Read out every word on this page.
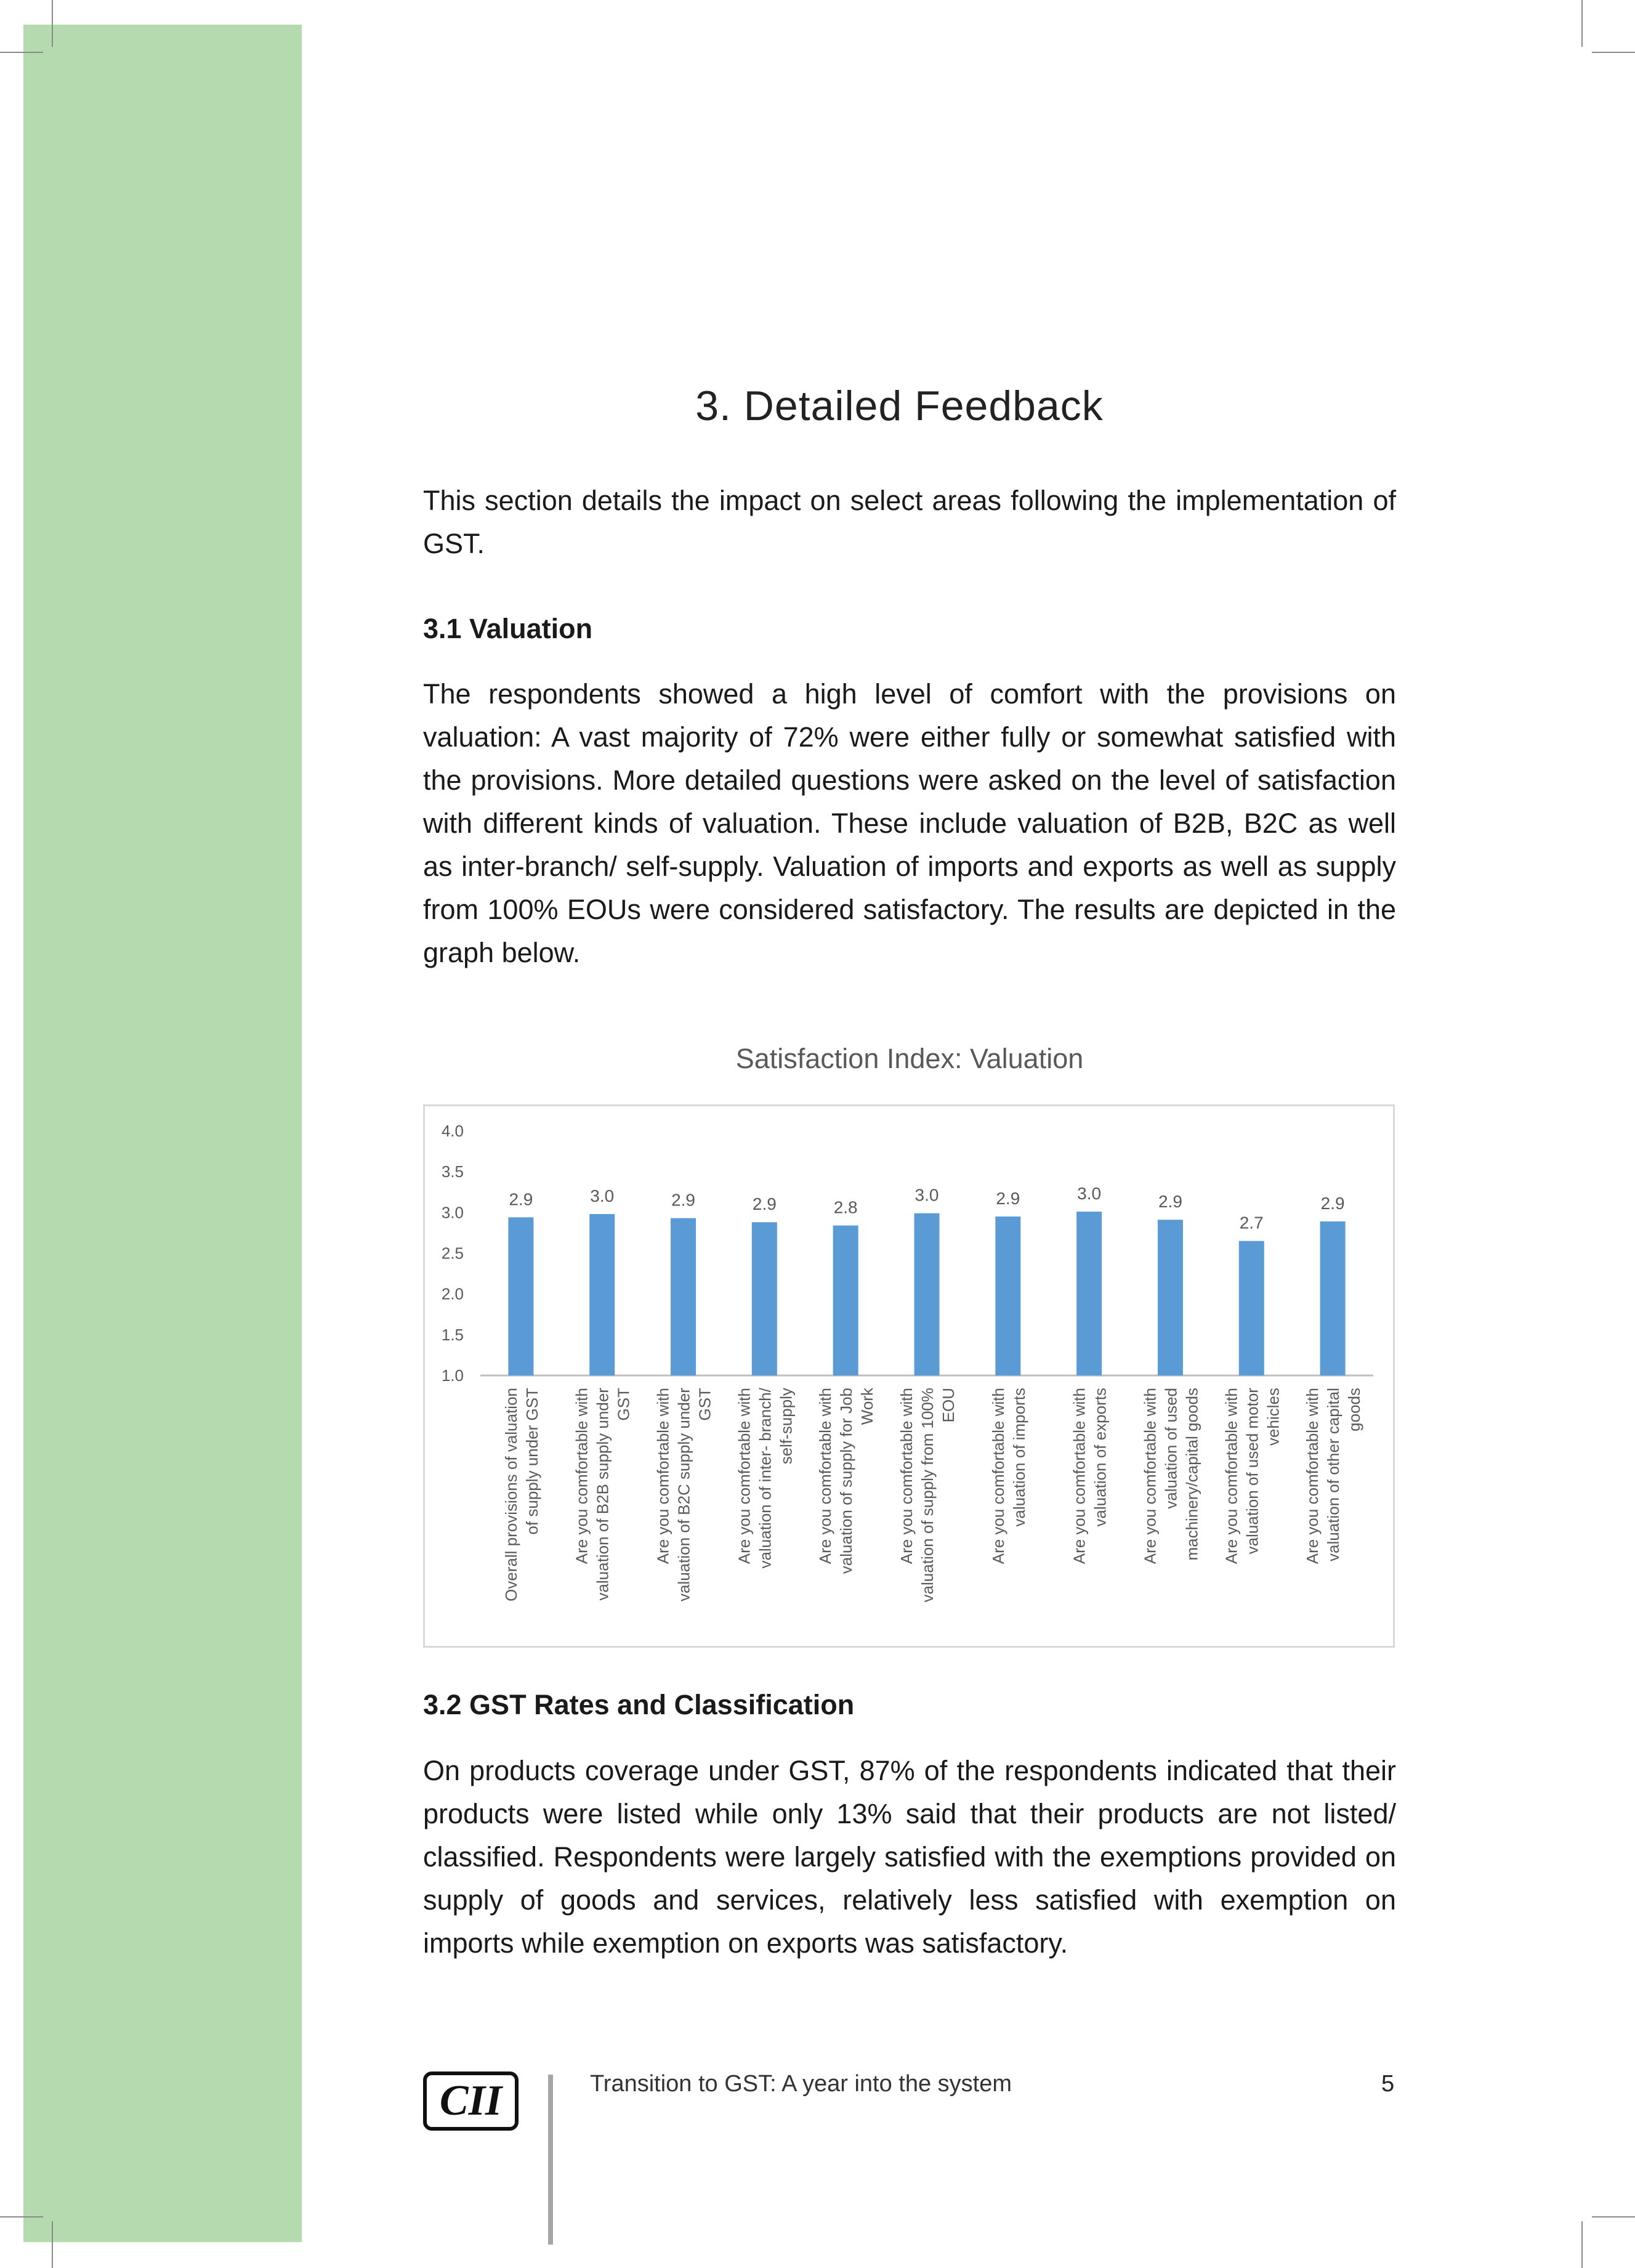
3. Detailed Feedback

This section details the impact on select areas following the implementation of GST.

3.1 Valuation

The respondents showed a high level of comfort with the provisions on valuation: A vast majority of 72% were either fully or somewhat satisfied with the provisions. More detailed questions were asked on the level of satisfaction with different kinds of valuation. These include valuation of B2B, B2C as well as inter-branch/ self-supply. Valuation of imports and exports as well as supply from 100% EOUs were considered satisfactory. The results are depicted in the graph below.

Satisfaction Index: Valuation
1.0
1.5
2.0
2.5
3.0
3.5
4.0
2.9
Overall provisions of valuation of supply under GST
3.0
Are you comfortable with valuation of B2B supply under GST
2.9
Are you comfortable with valuation of B2C supply under GST
2.9
Are you comfortable with valuation of inter- branch/ self-supply
2.8
Are you comfortable with valuation of supply for Job Work
3.0
Are you comfortable with valuation of supply from 100% EOU
2.9
Are you comfortable with valuation of imports
3.0
Are you comfortable with valuation of exports
2.9
Are you comfortable with valuation of used machinery/capital goods
2.7
Are you comfortable with valuation of used motor vehicles
2.9
Are you comfortable with valuation of other capital goods

3.2 GST Rates and Classification

On products coverage under GST, 87% of the respondents indicated that their products were listed while only 13% said that their products are not listed/ classified. Respondents were largely satisfied with the exemptions provided on supply of goods and services, relatively less satisfied with exemption on imports while exemption on exports was satisfactory.

CII	Transition to GST: A year into the system	5
